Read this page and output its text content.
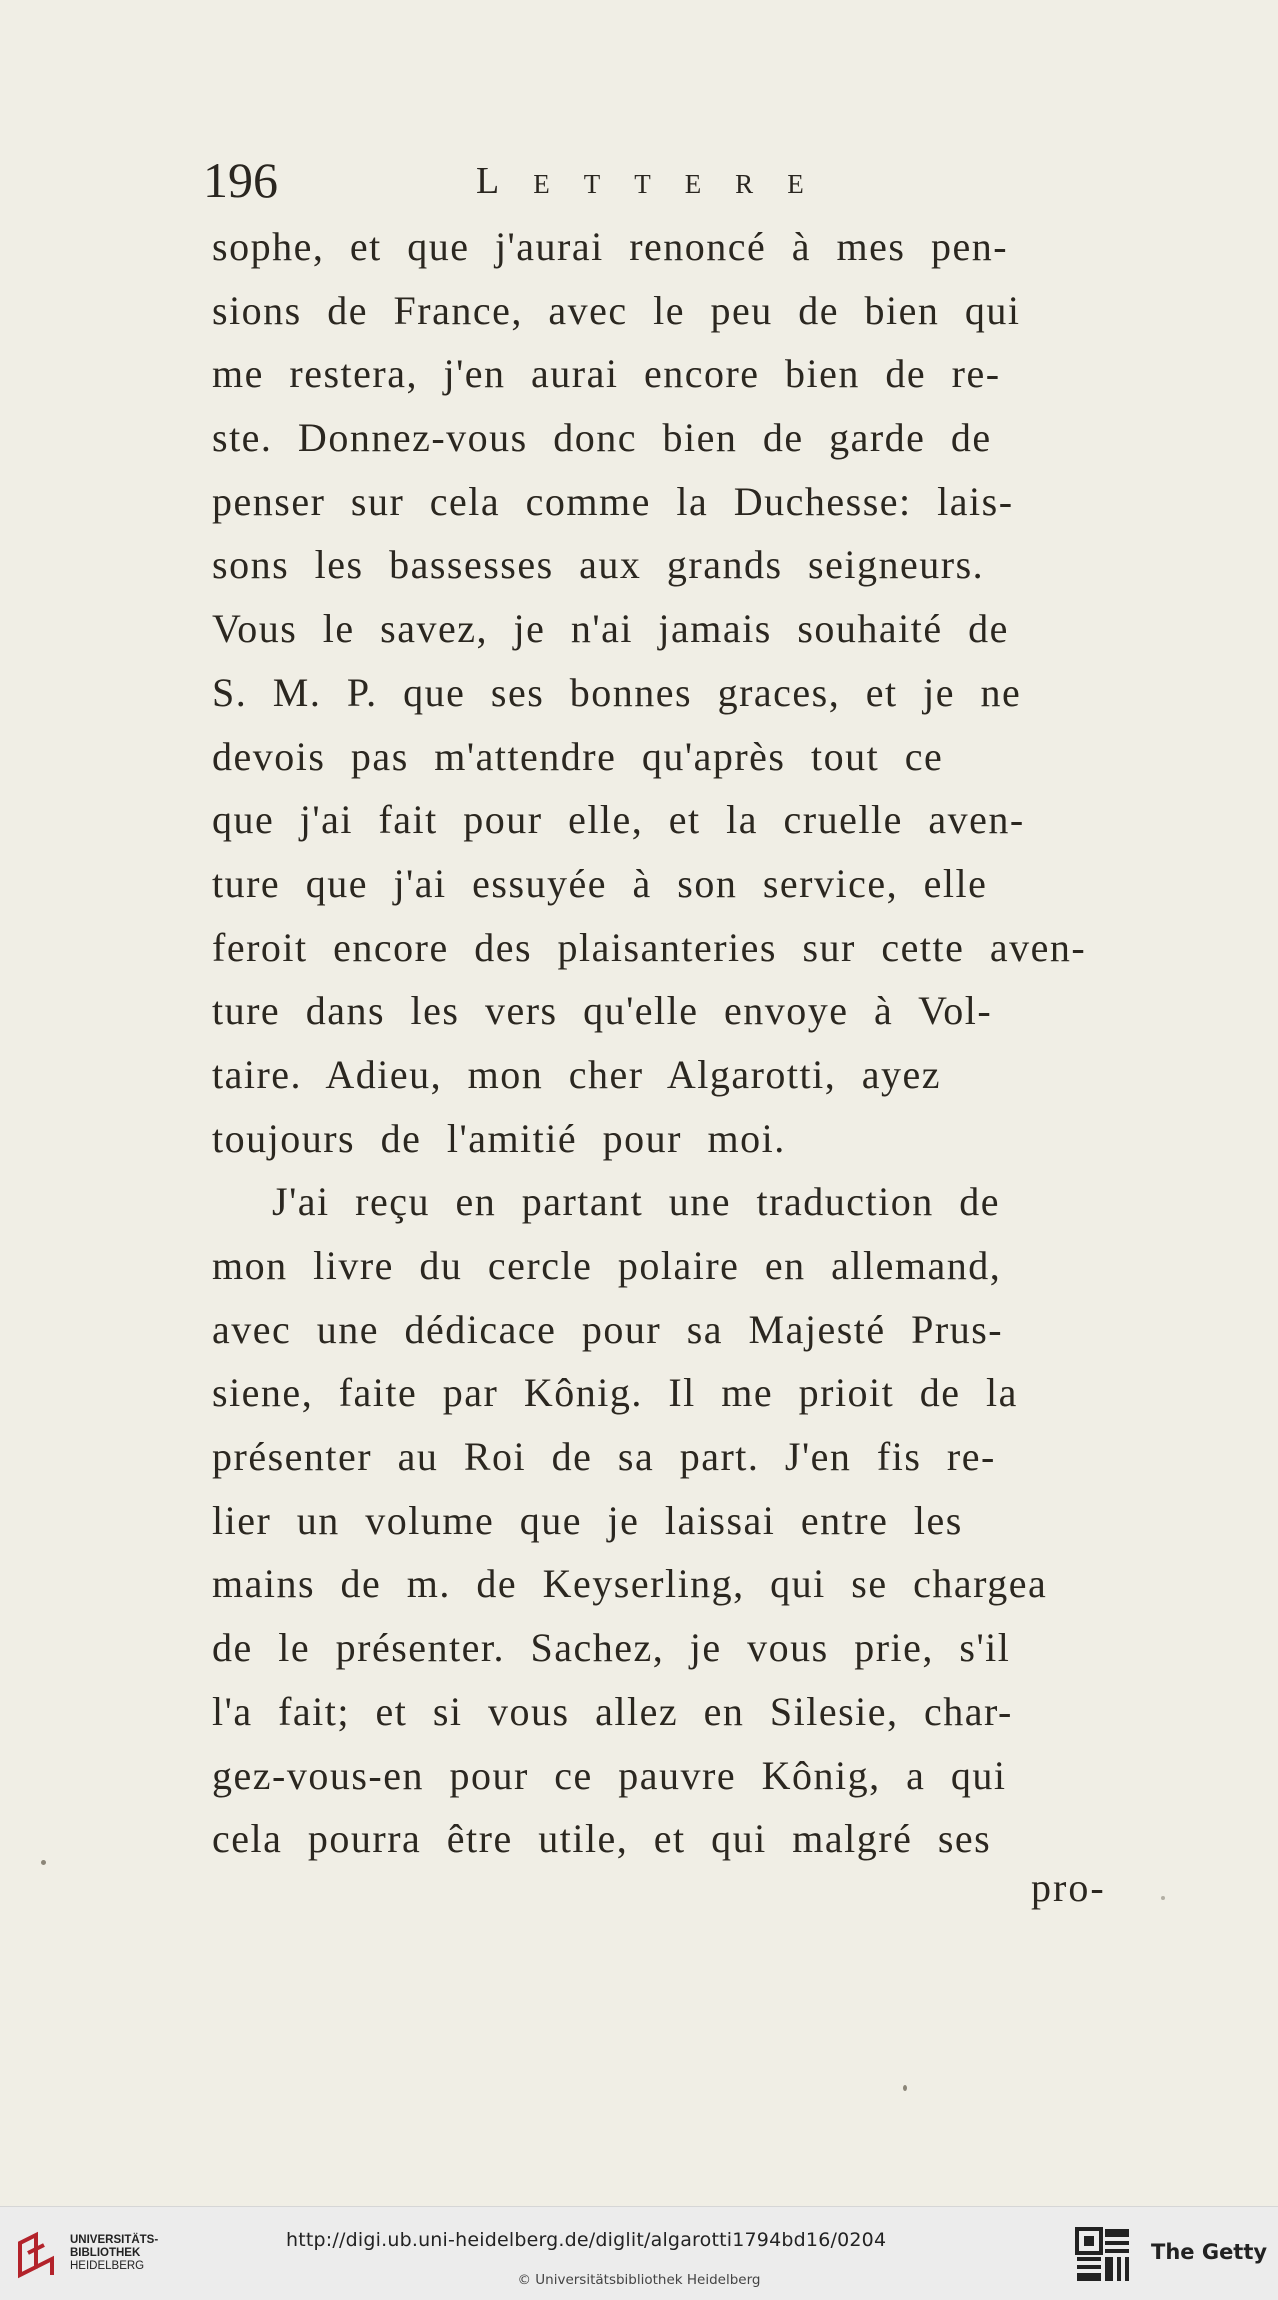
196	Lettere
sophe, et que j'aurai renoncé à mes pen-
sions de France, avec le peu de bien qui
me restera, j'en aurai encore bien de re-
ste. Donnez-vous donc bien de garde de
penser sur cela comme la Duchesse: lais-
sons les bassesses aux grands seigneurs.
Vous le savez, je n'ai jamais souhaité de
S. M. P. que ses bonnes graces, et je ne
devois pas m'attendre qu'après tout ce
que j'ai fait pour elle, et la cruelle aven-
ture que j'ai essuyée à son service, elle
feroit encore des plaisanteries sur cette aven-
ture dans les vers qu'elle envoye à Vol-
taire. Adieu, mon cher Algarotti, ayez
toujours de l'amitié pour moi.
J'ai reçu en partant une traduction de
mon livre du cercle polaire en allemand,
avec une dédicace pour sa Majesté Prus-
siene, faite par Kônig. Il me prioit de la
présenter au Roi de sa part. J'en fis re-
lier un volume que je laissai entre les
mains de m. de Keyserling, qui se chargea
de le présenter. Sachez, je vous prie, s'il
l'a fait; et si vous allez en Silesie, char-
gez-vous-en pour ce pauvre Kônig, a qui
cela pourra être utile, et qui malgré ses
pro-
UNIVERSITÄTS-
BIBLIOTHEK
HEIDELBERG
http://digi.ub.uni-heidelberg.de/diglit/algarotti1794bd16/0204
© Universitätsbibliothek Heidelberg
The Getty
